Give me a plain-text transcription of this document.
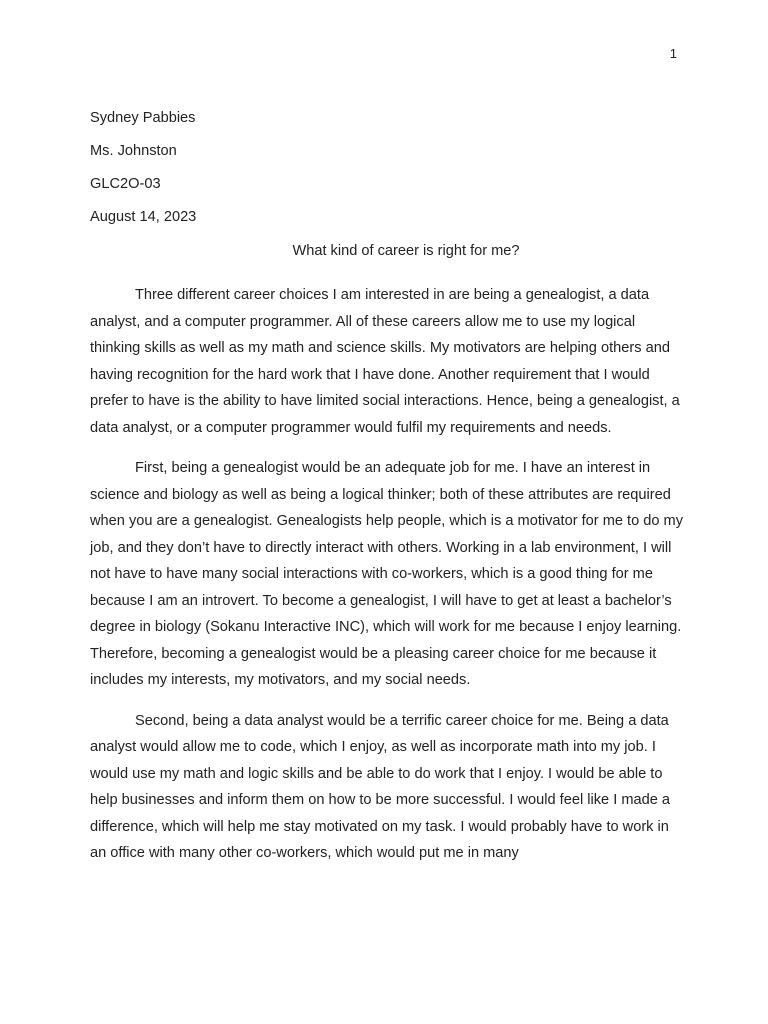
1
Sydney Pabbies
Ms. Johnston
GLC2O-03
August 14, 2023
What kind of career is right for me?

Three different career choices I am interested in are being a genealogist, a data analyst, and a computer programmer. All of these careers allow me to use my logical thinking skills as well as my math and science skills. My motivators are helping others and having recognition for the hard work that I have done. Another requirement that I would prefer to have is the ability to have limited social interactions. Hence, being a genealogist, a data analyst, or a computer programmer would fulfil my requirements and needs.

First, being a genealogist would be an adequate job for me. I have an interest in science and biology as well as being a logical thinker; both of these attributes are required when you are a genealogist. Genealogists help people, which is a motivator for me to do my job, and they don’t have to directly interact with others. Working in a lab environment, I will not have to have many social interactions with co-workers, which is a good thing for me because I am an introvert. To become a genealogist, I will have to get at least a bachelor’s degree in biology (Sokanu Interactive INC), which will work for me because I enjoy learning. Therefore, becoming a genealogist would be a pleasing career choice for me because it includes my interests, my motivators, and my social needs.

Second, being a data analyst would be a terrific career choice for me. Being a data analyst would allow me to code, which I enjoy, as well as incorporate math into my job. I would use my math and logic skills and be able to do work that I enjoy. I would be able to help businesses and inform them on how to be more successful. I would feel like I made a difference, which will help me stay motivated on my task. I would probably have to work in an office with many other co-workers, which would put me in many
